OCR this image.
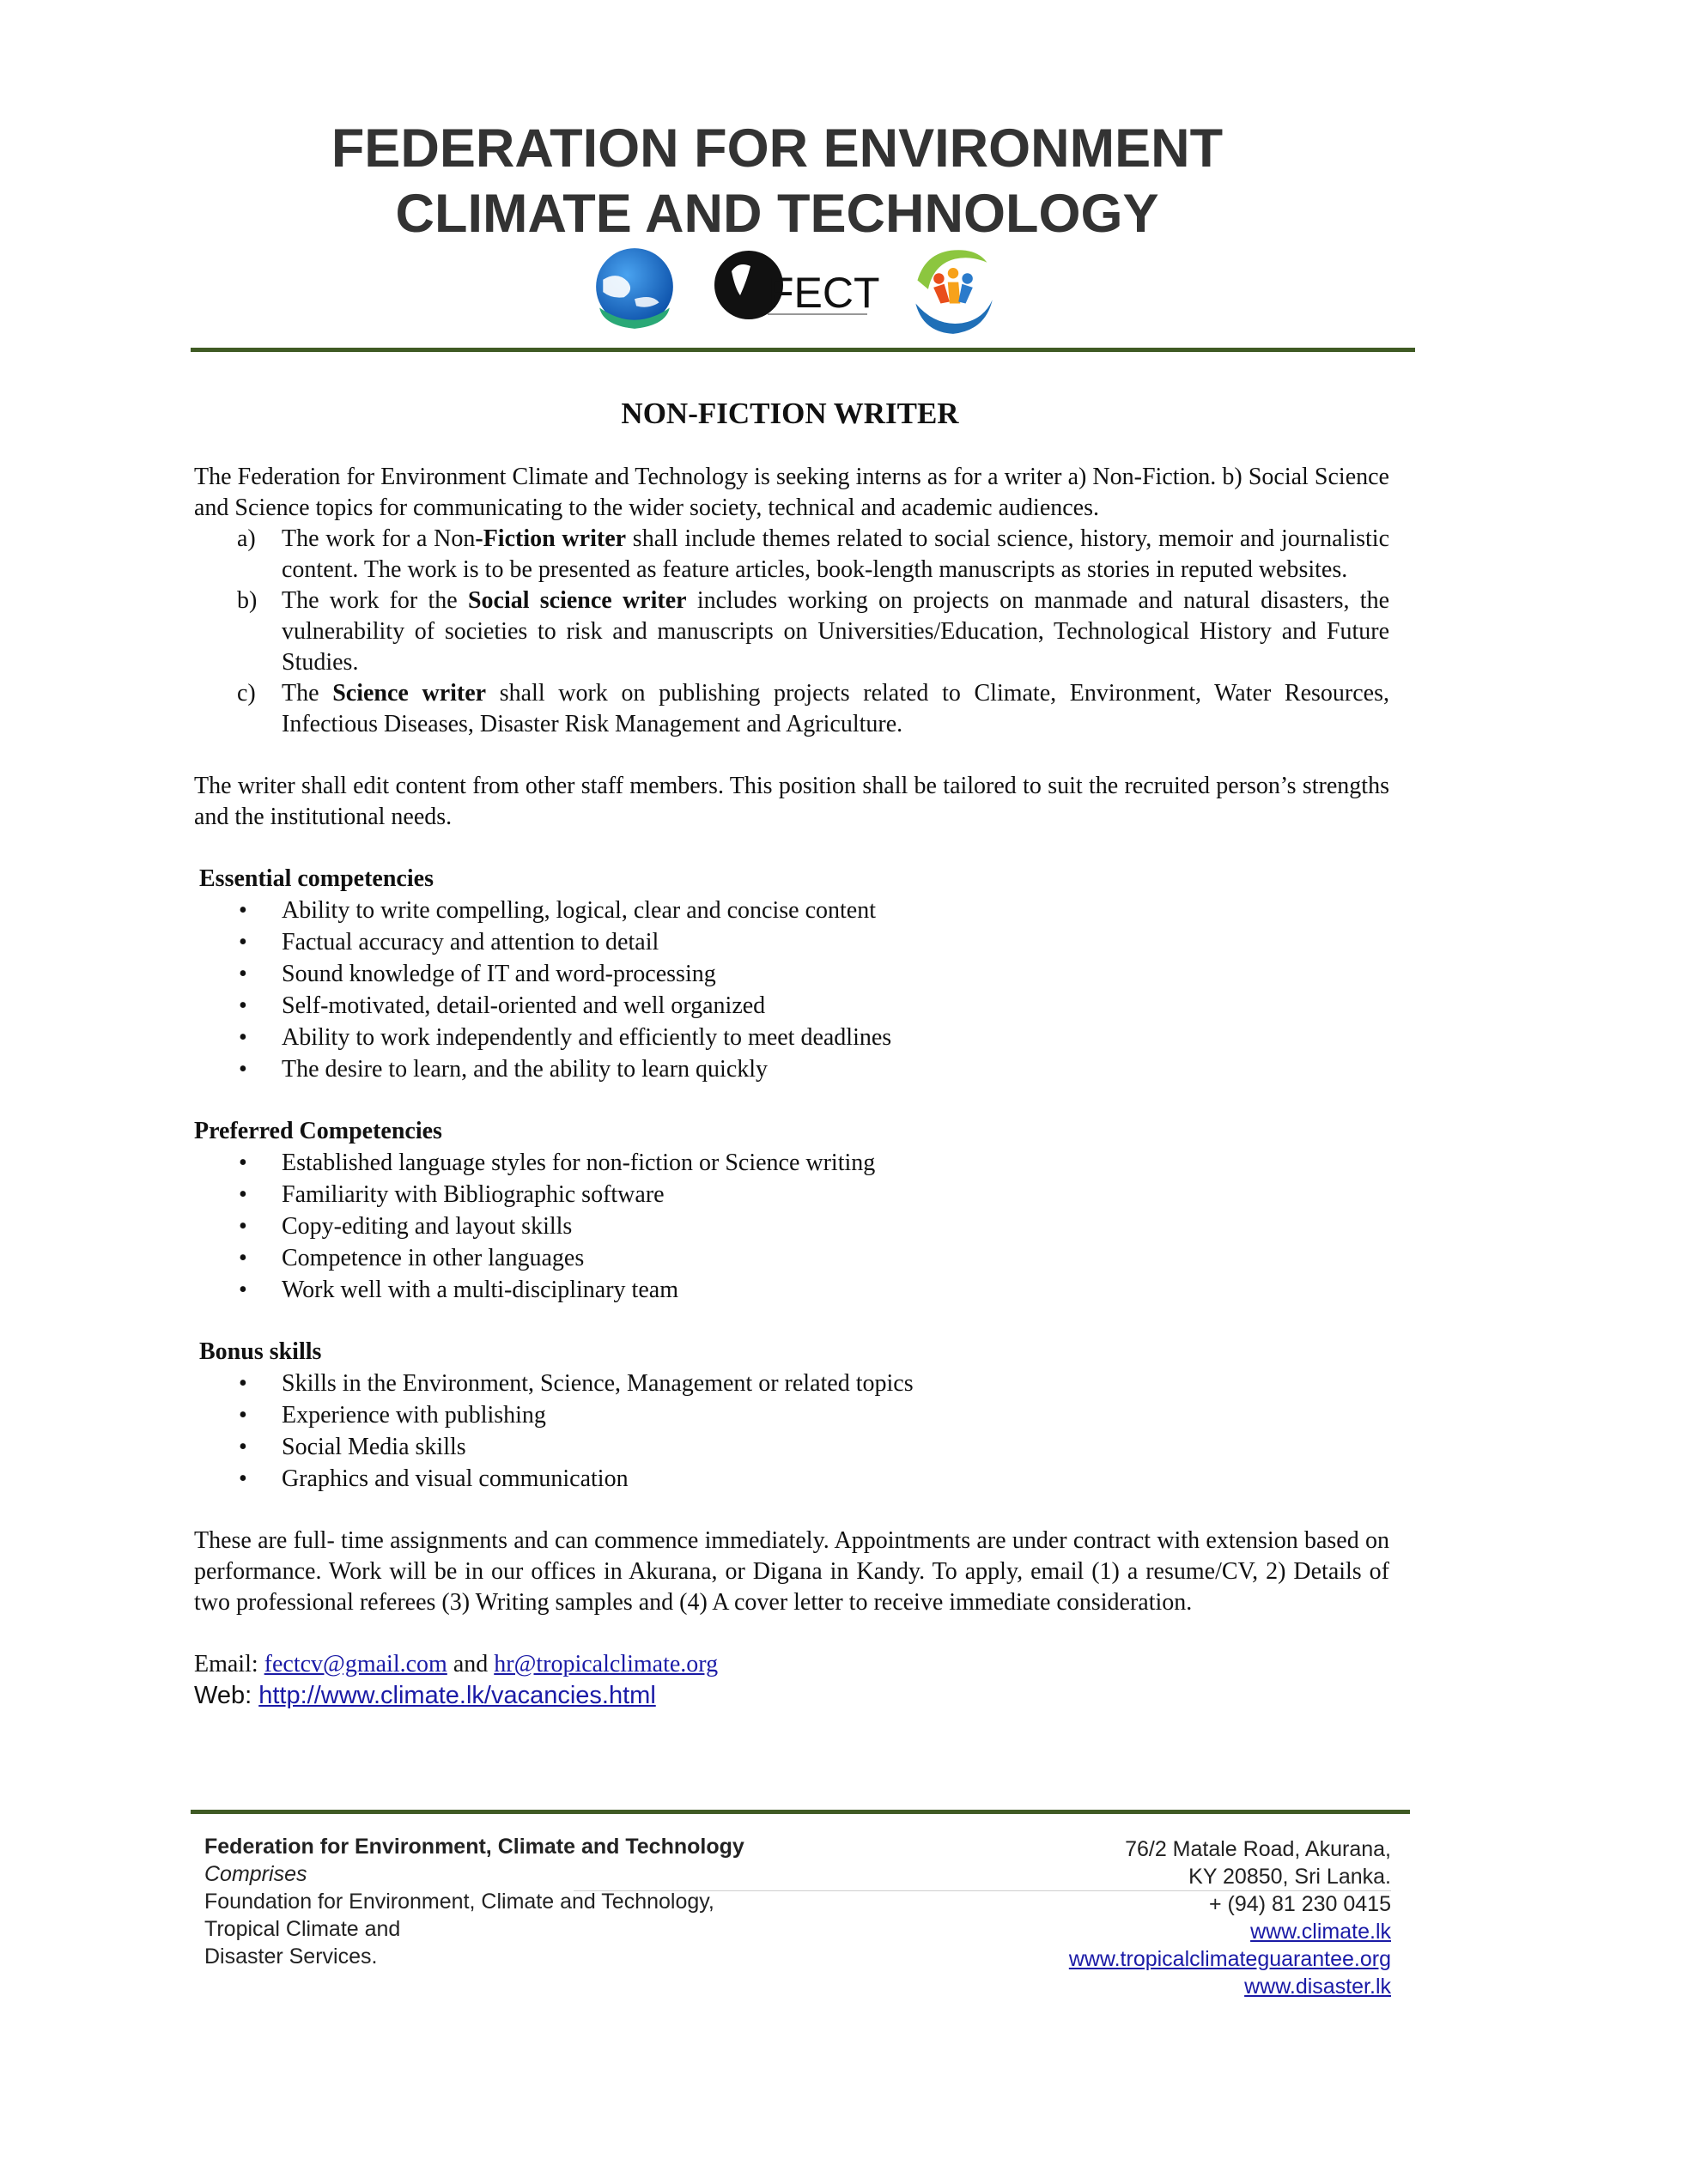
FEDERATION FOR ENVIRONMENT
CLIMATE AND TECHNOLOGY
FECT
NON-FICTION WRITER

The Federation for Environment Climate and Technology is seeking interns as for a writer a) Non-Fiction. b) Social Science and Science topics for communicating to the wider society, technical and academic audiences.

a) The work for a Non-Fiction writer shall include themes related to social science, history, memoir and journalistic content. The work is to be presented as feature articles, book-length manuscripts as stories in reputed websites.
b) The work for the Social science writer includes working on projects on manmade and natural disasters, the vulnerability of societies to risk and manuscripts on Universities/Education, Technological History and Future Studies.
c) The Science writer shall work on publishing projects related to Climate, Environment, Water Resources, Infectious Diseases, Disaster Risk Management and Agriculture.

The writer shall edit content from other staff members. This position shall be tailored to suit the recruited person’s strengths and the institutional needs.

Essential competencies

• Ability to write compelling, logical, clear and concise content
• Factual accuracy and attention to detail
• Sound knowledge of IT and word-processing
• Self-motivated, detail-oriented and well organized
• Ability to work independently and efficiently to meet deadlines
• The desire to learn, and the ability to learn quickly

Preferred Competencies

• Established language styles for non-fiction or Science writing
• Familiarity with Bibliographic software
• Copy-editing and layout skills
• Competence in other languages
• Work well with a multi-disciplinary team

Bonus skills

• Skills in the Environment, Science, Management or related topics
• Experience with publishing
• Social Media skills
• Graphics and visual communication

These are full- time assignments and can commence immediately. Appointments are under contract with extension based on performance. Work will be in our offices in Akurana, or Digana in Kandy. To apply, email (1) a resume/CV, 2) Details of two professional referees (3) Writing samples and (4) A cover letter to receive immediate consideration.

Email: fectcv@gmail.com and hr@tropicalclimate.org

Web: http://www.climate.lk/vacancies.html

Federation for Environment, Climate and Technology
Comprises
Foundation for Environment, Climate and Technology,
Tropical Climate and
Disaster Services.
76/2 Matale Road, Akurana,
KY 20850, Sri Lanka.
+ (94) 81 230 0415
www.climate.lk
www.tropicalclimateguarantee.org
www.disaster.lk
